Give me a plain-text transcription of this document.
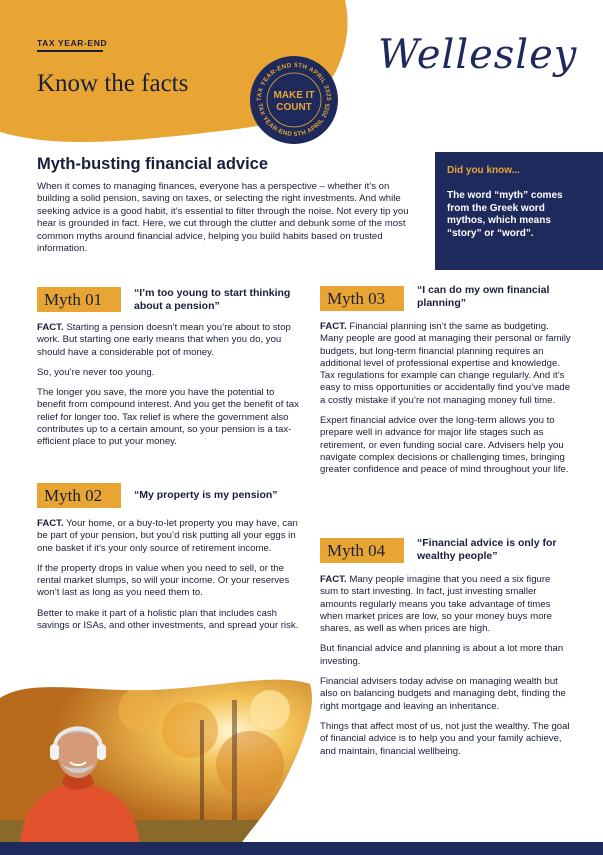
TAX YEAR-END
Know the facts
TAX YEAR-END 5TH APRIL 2025
TAX YEAR-END 5TH APRIL 2025
MAKE IT
COUNT
Wellesley
Myth-busting financial advice
When it comes to managing finances, everyone has a perspective – whether it’s on building a solid pension, saving on taxes, or selecting the right investments. And while seeking advice is a good habit, it’s essential to filter through the noise. Not every tip you hear is grounded in fact. Here, we cut through the clutter and debunk some of the most common myths around financial advice, helping you build habits based on trusted information.
Did you know...
The word “myth” comes from the Greek word mythos, which means “story” or “word”.
Myth 01	“I’m too young to start thinking about a pension”

FACT. Starting a pension doesn’t mean you’re about to stop work. But starting one early means that when you do, you should have a considerable pot of money.

So, you’re never too young.

The longer you save, the more you have the potential to benefit from compound interest. And you get the benefit of tax relief for longer too. Tax relief is where the government also contributes up to a certain amount, so your pension is a tax-efficient place to put your money.

Myth 02	“My property is my pension”

FACT. Your home, or a buy-to-let property you may have, can be part of your pension, but you’d risk putting all your eggs in one basket if it’s your only source of retirement income.

If the property drops in value when you need to sell, or the rental market slumps, so will your income. Or your reserves won’t last as long as you need them to.

Better to make it part of a holistic plan that includes cash savings or ISAs, and other investments, and spread your risk.

Myth 03	“I can do my own financial planning”

FACT. Financial planning isn’t the same as budgeting. Many people are good at managing their personal or family budgets, but long-term financial planning requires an additional level of professional expertise and knowledge. Tax regulations for example can change regularly. And it’s easy to miss opportunities or accidentally find you’ve made a costly mistake if you’re not managing money full time.

Expert financial advice over the long-term allows you to prepare well in advance for major life stages such as retirement, or even funding social care. Advisers help you navigate complex decisions or challenging times, bringing greater confidence and peace of mind throughout your life.

Myth 04	“Financial advice is only for wealthy people”

FACT. Many people imagine that you need a six figure sum to start investing. In fact, just investing smaller amounts regularly means you take advantage of times when market prices are low, so your money buys more shares, as well as when prices are high.

But financial advice and planning is about a lot more than investing.

Financial advisers today advise on managing wealth but also on balancing budgets and managing debt, finding the right mortgage and leaving an inheritance.

Things that affect most of us, not just the wealthy. The goal of financial advice is to help you and your family achieve, and maintain, financial wellbeing.
